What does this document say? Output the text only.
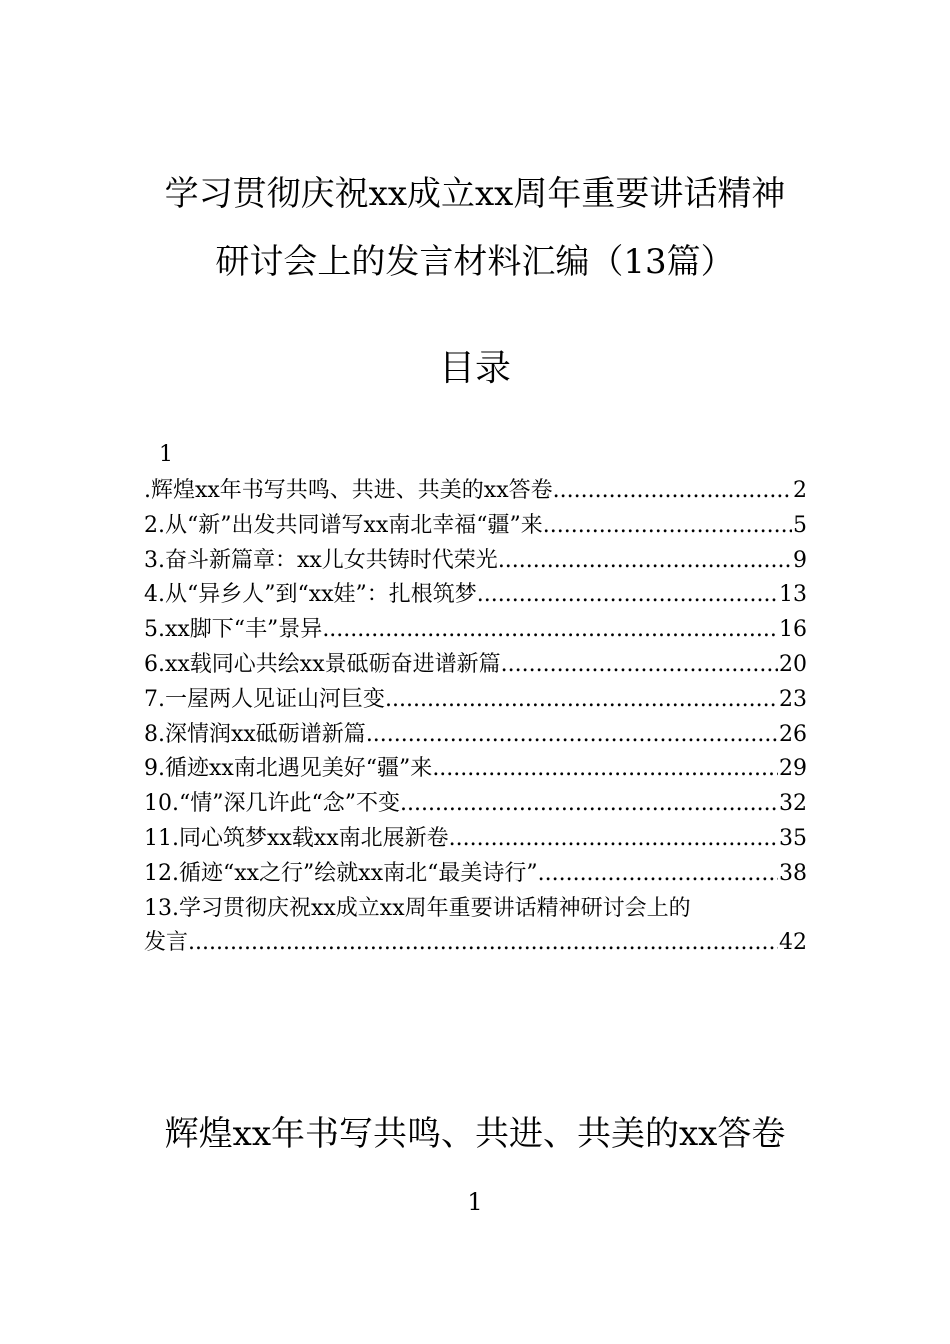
学习贯彻庆祝xx成立xx周年重要讲话精神
研讨会上的发言材料汇编（13篇）
目录
1
.辉煌xx年书写共鸣、共进、共美的xx答卷 .....	2
2.从“新”出发共同谱写xx南北幸福“疆”来 .....	5
3.奋斗新篇章：xx儿女共铸时代荣光 .....	9
4.从“异乡人”到“xx娃”：扎根筑梦 .....	13
5.xx脚下“丰”景异 .....	16
6.xx载同心共绘xx景砥砺奋进谱新篇 .....	20
7.一屋两人见证山河巨变 .....	23
8.深情润xx砥砺谱新篇 .....	26
9.循迹xx南北遇见美好“疆”来 .....	29
10.“情”深几许此“念”不变 .....	32
11.同心筑梦xx载xx南北展新卷 .....	35
12.循迹“xx之行”绘就xx南北“最美诗行” .....	38
13.学习贯彻庆祝xx成立xx周年重要讲话精神研讨会上的
发言 .....	42
辉煌xx年书写共鸣、共进、共美的xx答卷
1
